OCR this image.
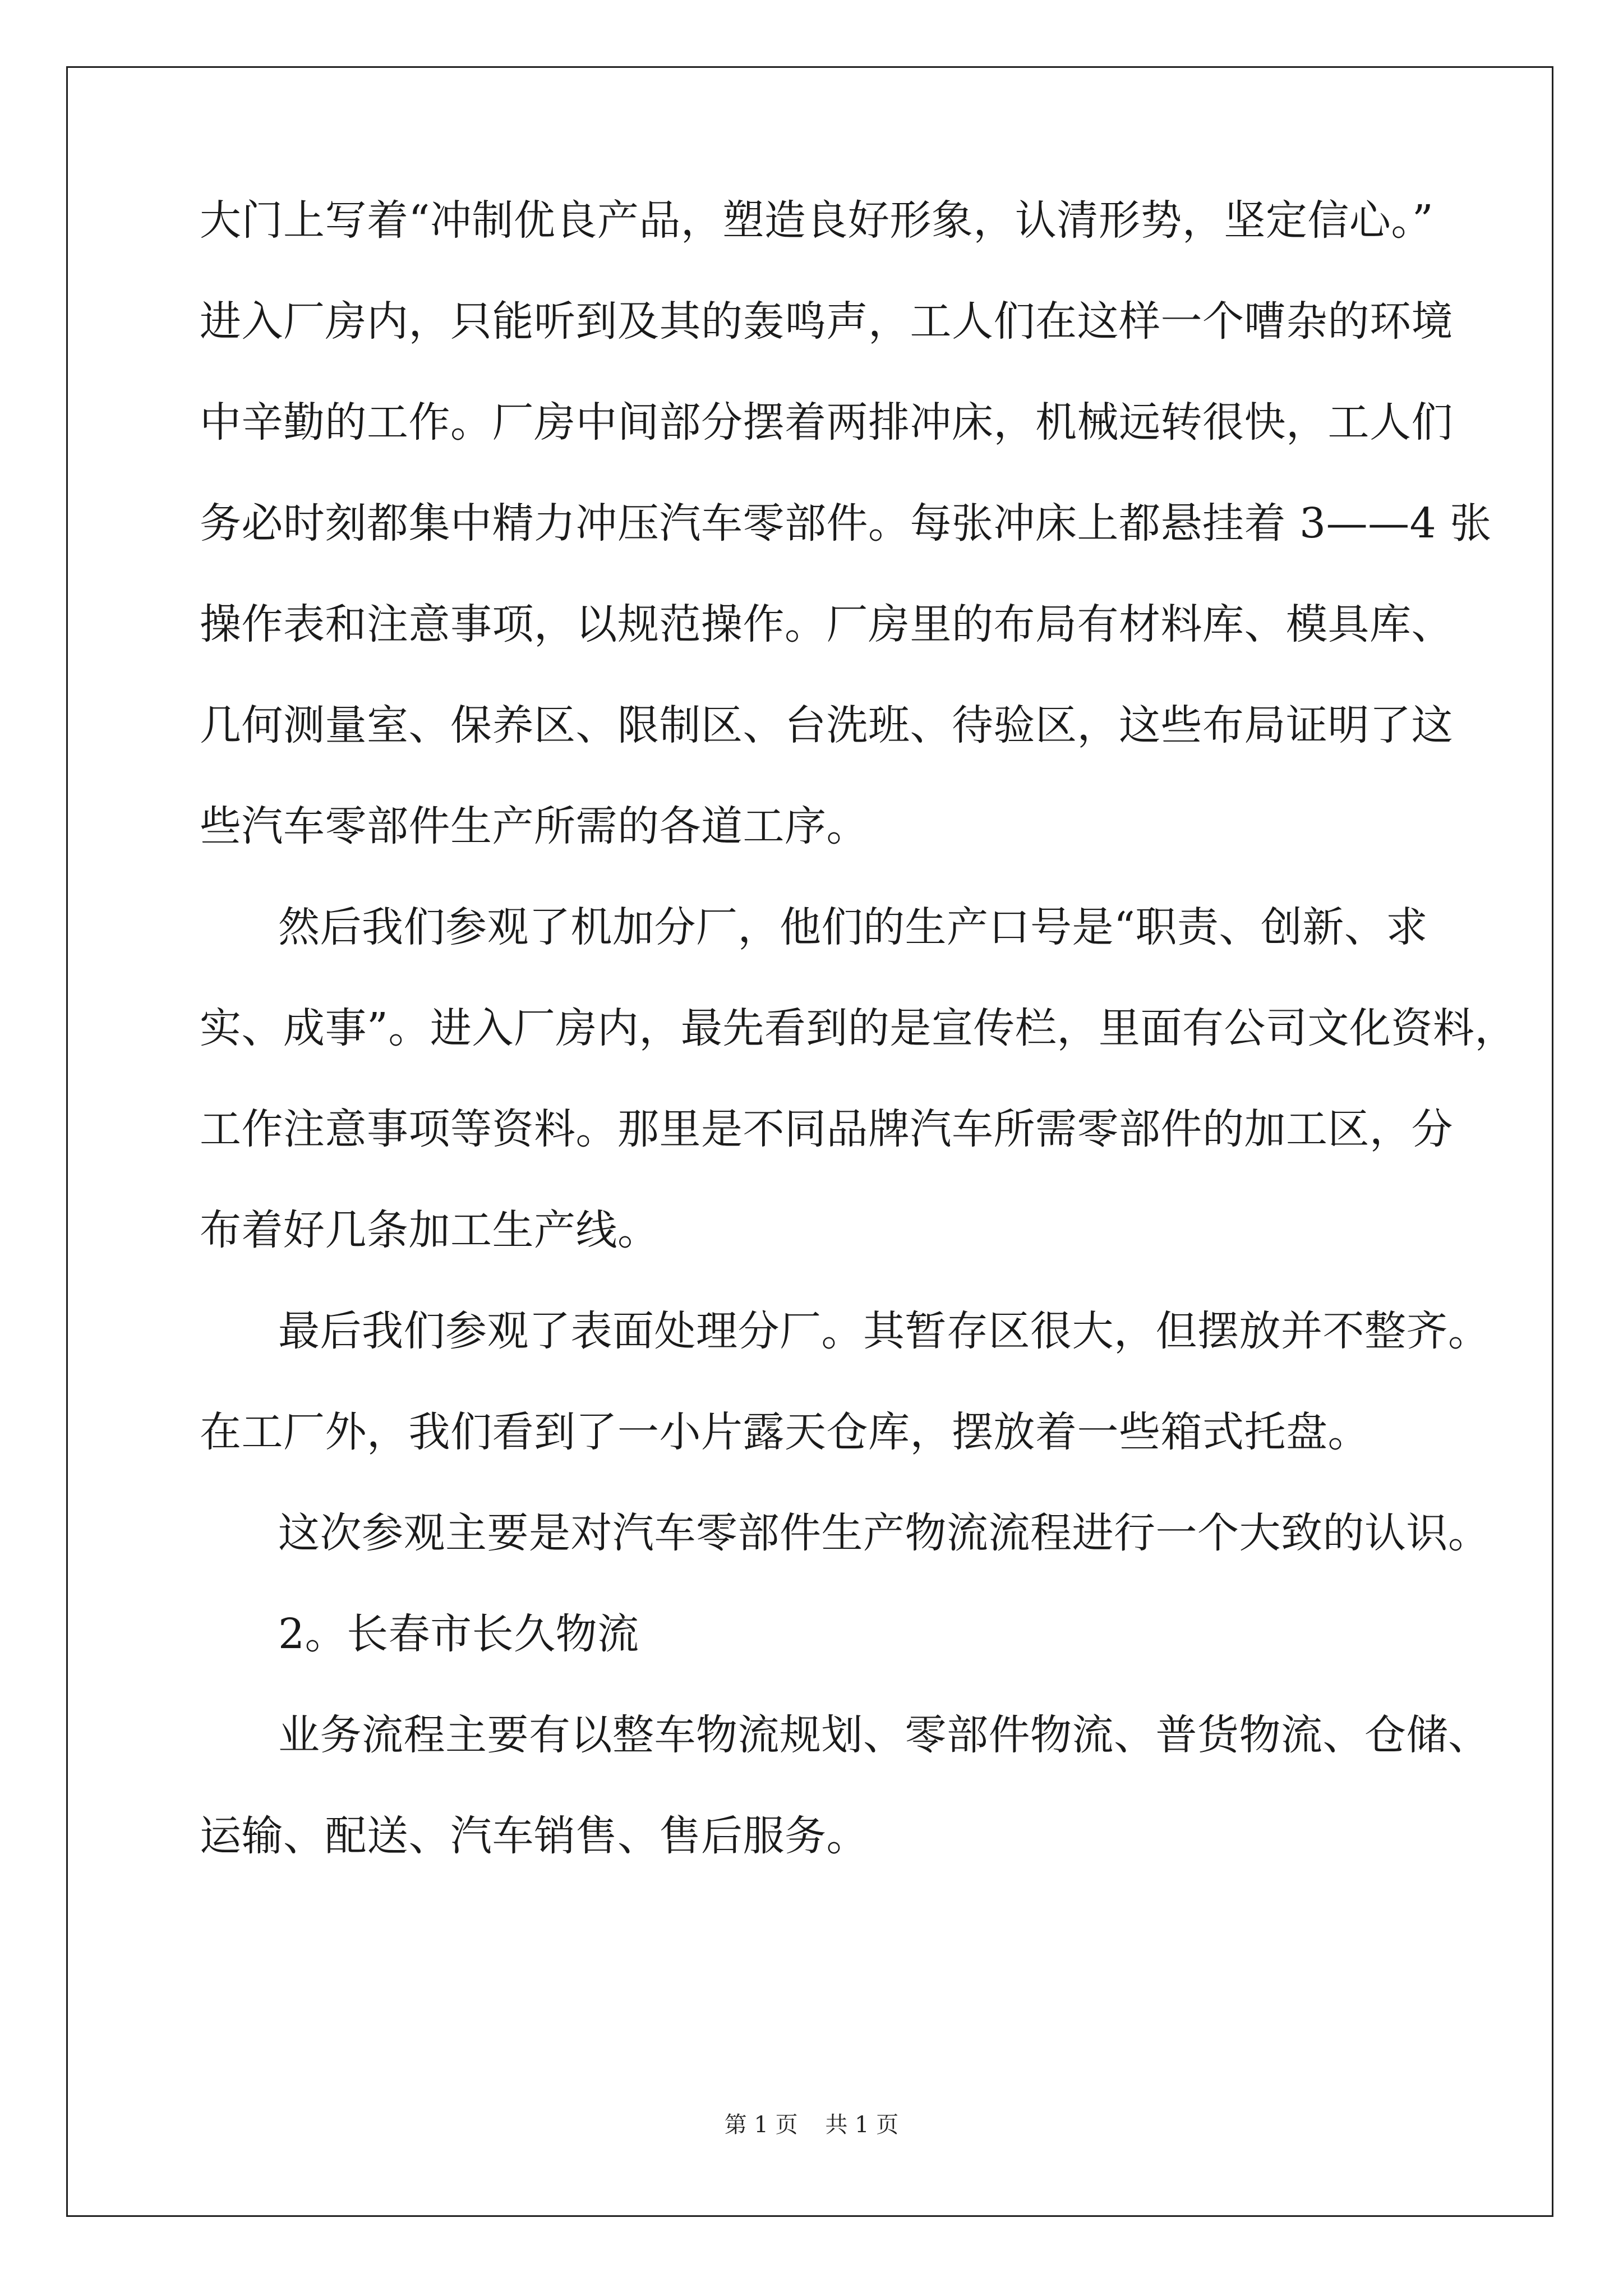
大门上写着“冲制优良产品，塑造良好形象，认清形势，坚定信心。”
进入厂房内，只能听到及其的轰鸣声，工人们在这样一个嘈杂的环境
中辛勤的工作。厂房中间部分摆着两排冲床，机械远转很快，工人们
务必时刻都集中精力冲压汽车零部件。每张冲床上都悬挂着 3——4 张
操作表和注意事项，以规范操作。厂房里的布局有材料库、模具库、
几何测量室、保养区、限制区、台洗班、待验区，这些布局证明了这
些汽车零部件生产所需的各道工序。
然后我们参观了机加分厂，他们的生产口号是“职责、创新、求
实、成事”。进入厂房内，最先看到的是宣传栏，里面有公司文化资料，
工作注意事项等资料。那里是不同品牌汽车所需零部件的加工区，分
布着好几条加工生产线。
最后我们参观了表面处理分厂。其暂存区很大，但摆放并不整齐。
在工厂外，我们看到了一小片露天仓库，摆放着一些箱式托盘。
这次参观主要是对汽车零部件生产物流流程进行一个大致的认识。
2。长春市长久物流
业务流程主要有以整车物流规划、零部件物流、普货物流、仓储、
运输、配送、汽车销售、售后服务。
第 1 页 共 1 页
